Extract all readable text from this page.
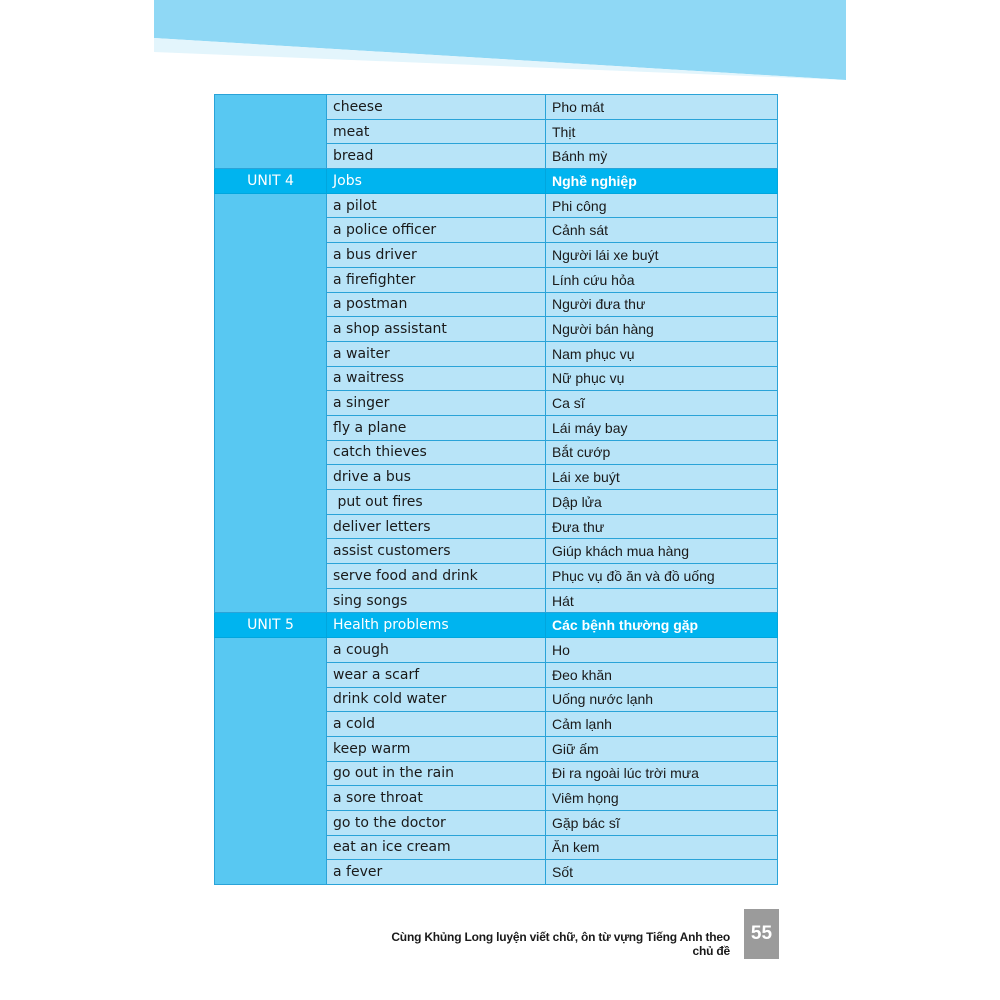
	cheese	Pho mát
	meat	Thịt
	bread	Bánh mỳ
UNIT 4	Jobs	Nghề nghiệp
	a pilot	Phi công
	a police officer	Cảnh sát
	a bus driver	Người lái xe buýt
	a firefighter	Lính cứu hỏa
	a postman	Người đưa thư
	a shop assistant	Người bán hàng
	a waiter	Nam phục vụ
	a waitress	Nữ phục vụ
	a singer	Ca sĩ
	fly a plane	Lái máy bay
	catch thieves	Bắt cướp
	drive a bus	Lái xe buýt
	put out fires	Dập lửa
	deliver letters	Đưa thư
	assist customers	Giúp khách mua hàng
	serve food and drink	Phục vụ đồ ăn và đồ uống
	sing songs	Hát
UNIT 5	Health problems	Các bệnh thường gặp
	a cough	Ho
	wear a scarf	Đeo khăn
	drink cold water	Uống nước lạnh
	a cold	Cảm lạnh
	keep warm	Giữ ấm
	go out in the rain	Đi ra ngoài lúc trời mưa
	a sore throat	Viêm họng
	go to the doctor	Gặp bác sĩ
	eat an ice cream	Ăn kem
	a fever	Sốt
Cùng Khủng Long luyện viết chữ, ôn từ vựng Tiếng Anh theo chủ đề
55
